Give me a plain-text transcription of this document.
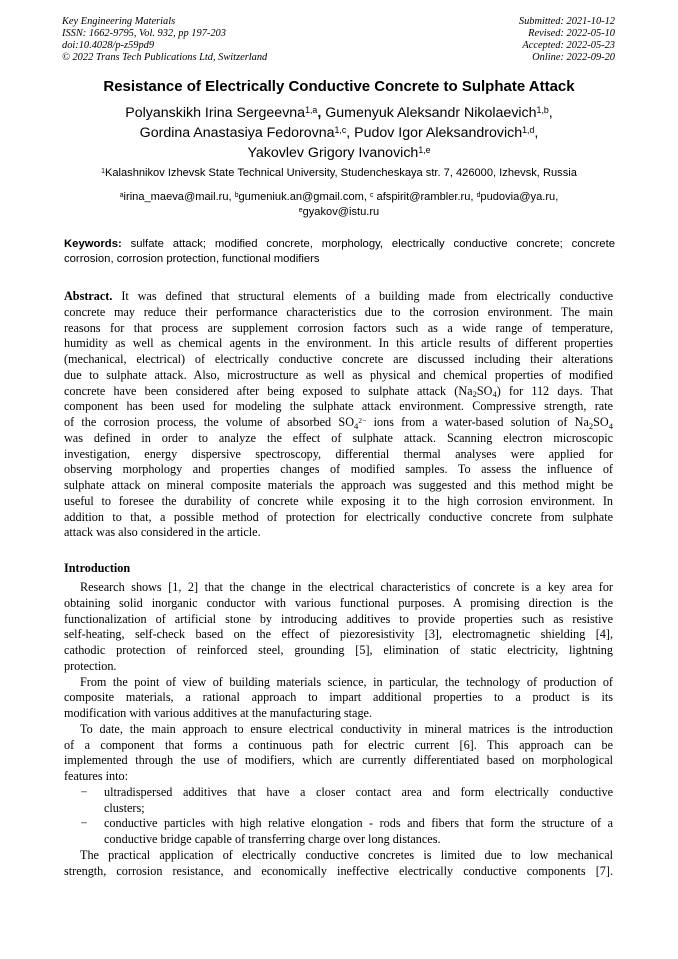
Key Engineering Materials
ISSN: 1662-9795, Vol. 932, pp 197-203
doi:10.4028/p-z59pd9
© 2022 Trans Tech Publications Ltd, Switzerland
Submitted: 2021-10-12
Revised: 2022-05-10
Accepted: 2022-05-23
Online: 2022-09-20
Resistance of Electrically Conductive Concrete to Sulphate Attack
Polyanskikh Irina Sergeevna$^{1,a}$, Gumenyuk Aleksandr Nikolaevich$^{1,b}$,
Gordina Anastasiya Fedorovna$^{1,c}$, Pudov Igor Aleksandrovich$^{1,d}$,
Yakovlev Grigory Ivanovich$^{1,e}$
$^1$Kalashnikov Izhevsk State Technical University, Studencheskaya str. 7, 426000, Izhevsk, Russia
$^a$irina_maeva@mail.ru, $^b$gumeniuk.an@gmail.com, $^c$ afspirit@rambler.ru, $^d$pudovia@ya.ru,
$^e$gyakov@istu.ru
Keywords: sulfate attack; modified concrete, morphology, electrically conductive concrete; concrete
corrosion, corrosion protection, functional modifiers
Abstract. It was defined that structural elements of a building made from electrically conductive
concrete may reduce their performance characteristics due to the corrosion environment. The main
reasons for that process are supplement corrosion factors such as a wide range of temperature,
humidity as well as chemical agents in the environment. In this article results of different properties
(mechanical, electrical) of electrically conductive concrete are discussed including their alterations
due to sulphate attack. Also, microstructure as well as physical and chemical properties of modified
concrete have been considered after being exposed to sulphate attack $(Na_2SO_4)$ for 112 days. That
component has been used for modeling the sulphate attack environment. Compressive strength, rate
of the corrosion process, the volume of absorbed $SO_4^{2-}$ ions from a water-based solution of $Na_2SO_4$
was defined in order to analyze the effect of sulphate attack. Scanning electron microscopic
investigation, energy dispersive spectroscopy, differential thermal analyses were applied for
observing morphology and properties changes of modified samples. To assess the influence of
sulphate attack on mineral composite materials the approach was suggested and this method might be
useful to foresee the durability of concrete while exposing it to the high corrosion environment. In
addition to that, a possible method of protection for electrically conductive concrete from sulphate
attack was also considered in the article.
Introduction
Research shows [1, 2] that the change in the electrical characteristics of concrete is a key area for
obtaining solid inorganic conductor with various functional purposes. A promising direction is the
functionalization of artificial stone by introducing additives to provide properties such as resistive
self-heating, self-check based on the effect of piezoresistivity [3], electromagnetic shielding [4],
cathodic protection of reinforced steel, grounding [5], elimination of static electricity, lightning
protection.
From the point of view of building materials science, in particular, the technology of production of
composite materials, a rational approach to impart additional properties to a product is its
modification with various additives at the manufacturing stage.
To date, the main approach to ensure electrical conductivity in mineral matrices is the introduction
of a component that forms a continuous path for electric current [6]. This approach can be
implemented through the use of modifiers, which are currently differentiated based on morphological
features into:
−	ultradispersed additives that have a closer contact area and form electrically conductive
clusters;
−	conductive particles with high relative elongation - rods and fibers that form the structure of a
conductive bridge capable of transferring charge over long distances.
The practical application of electrically conductive concretes is limited due to low mechanical
strength, corrosion resistance, and economically ineffective electrically conductive components [7].
